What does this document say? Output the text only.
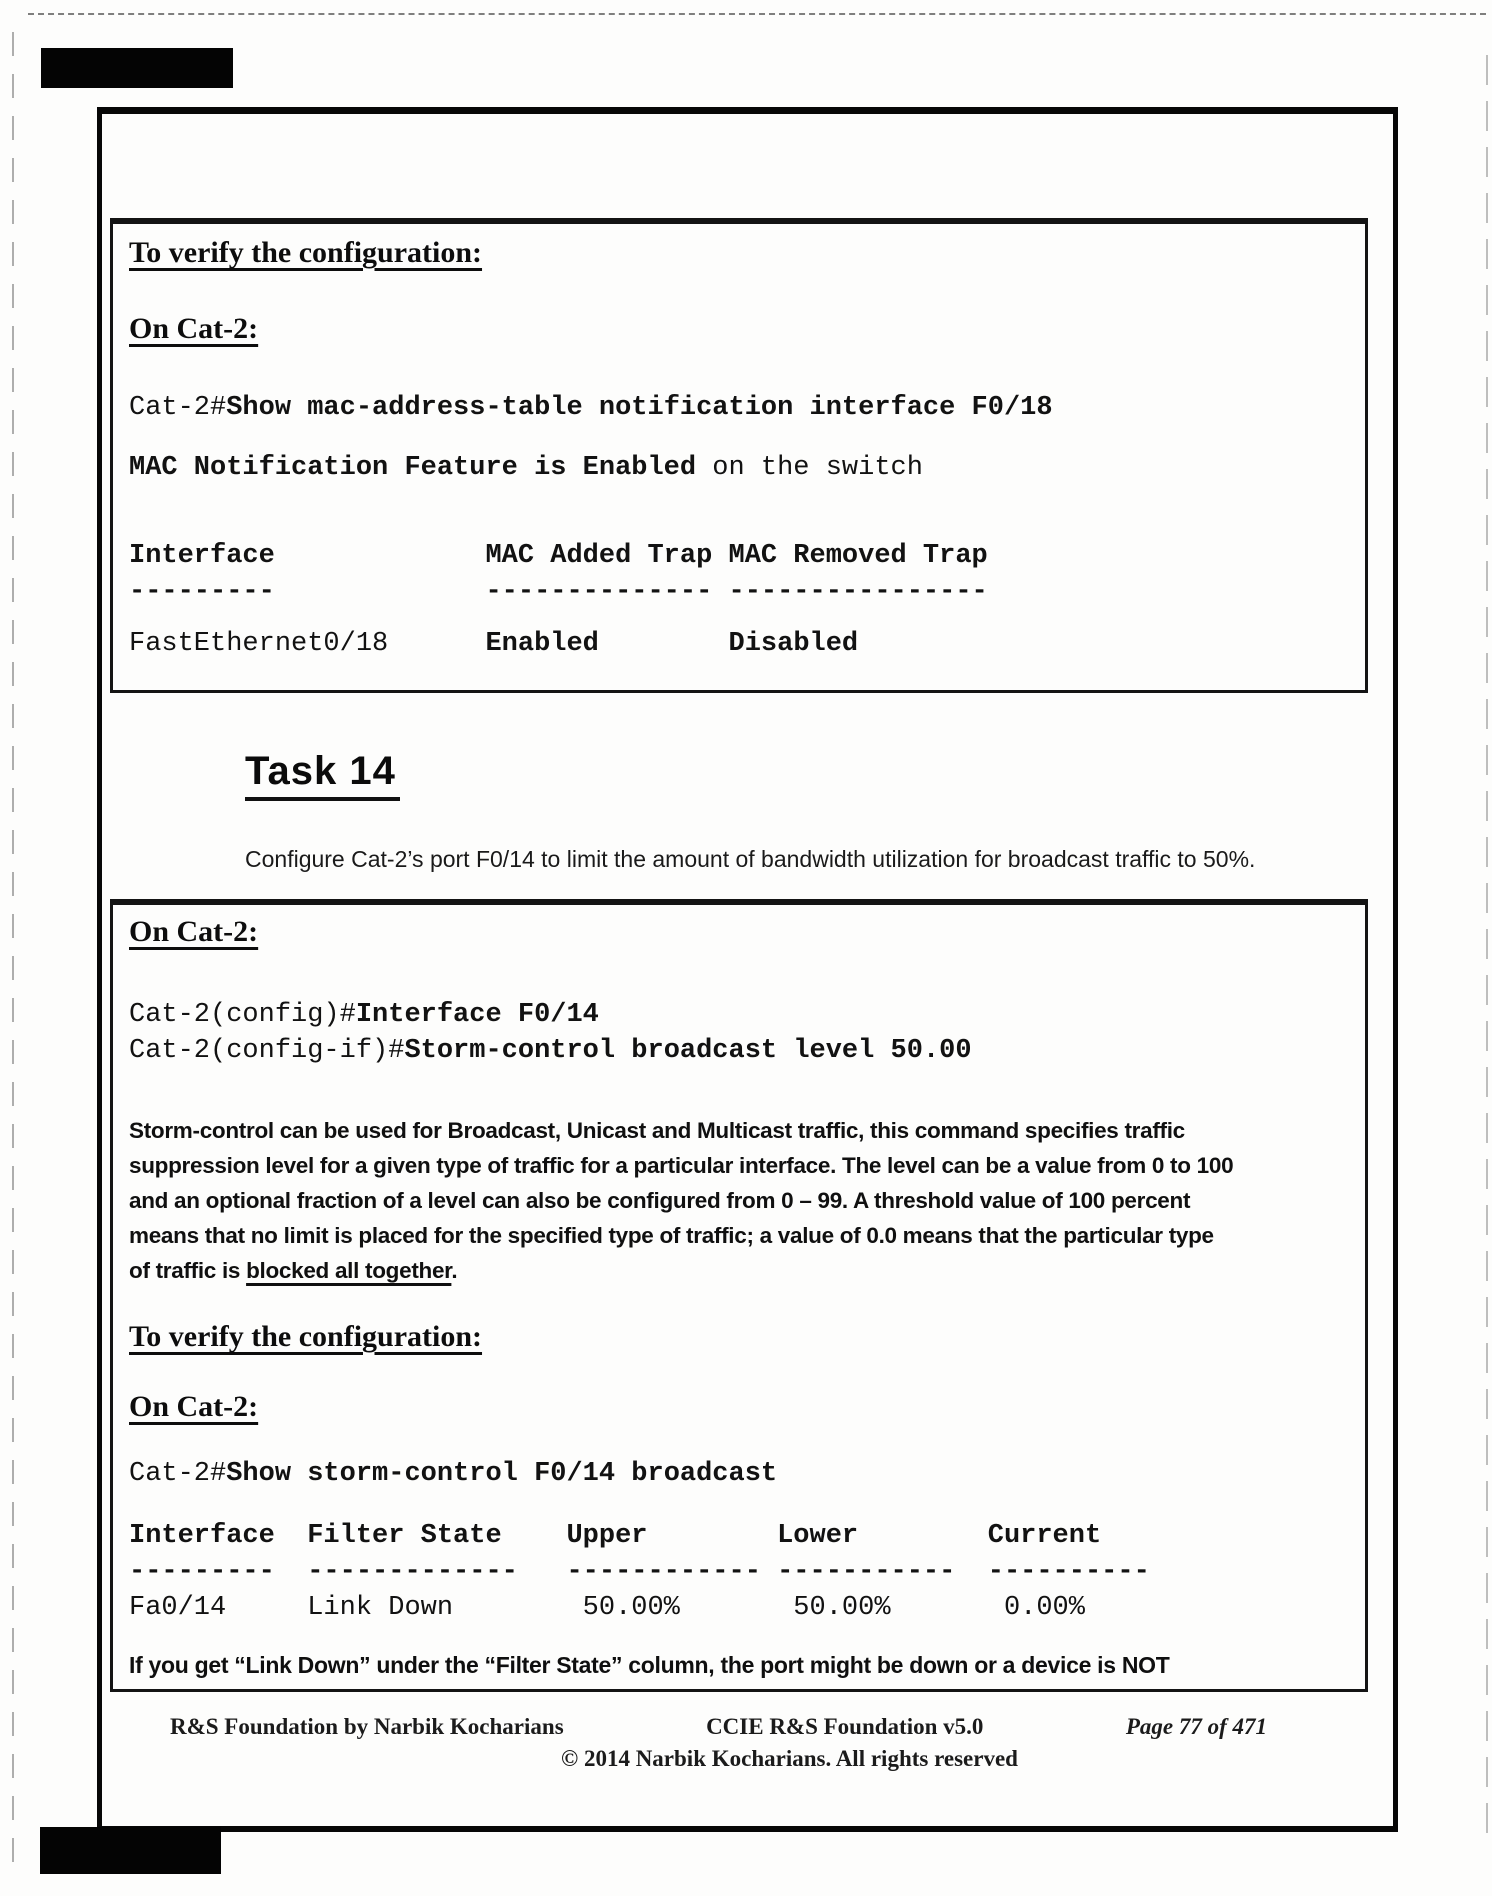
To verify the configuration:
On Cat-2:
Cat-2#Show mac-address-table notification interface F0/18
MAC Notification Feature is Enabled on the switch
Interface             MAC Added Trap MAC Removed Trap
---------             -------------- ----------------
FastEthernet0/18      Enabled	Disabled
Task 14
Configure Cat-2’s port F0/14 to limit the amount of bandwidth utilization for broadcast traffic to 50%.
On Cat-2:
Cat-2(config)#Interface F0/14
Cat-2(config-if)#Storm-control broadcast level 50.00
Storm-control can be used for Broadcast, Unicast and Multicast traffic, this command specifies traffic
suppression level for a given type of traffic for a particular interface. The level can be a value from 0 to 100
and an optional fraction of a level can also be configured from 0 – 99. A threshold value of 100 percent
means that no limit is placed for the specified type of traffic; a value of 0.0 means that the particular type
of traffic is blocked all together.
To verify the configuration:
On Cat-2:
Cat-2#Show storm-control F0/14 broadcast
Interface  Filter State    Upper        Lower        Current
---------  -------------   ------------ -----------  ----------
Fa0/14     Link Down        50.00%       50.00%       0.00%
If you get “Link Down” under the “Filter State” column, the port might be down or a device is NOT
R&S Foundation by Narbik Kocharians	CCIE R&S Foundation v5.0	Page 77 of 471
© 2014 Narbik Kocharians. All rights reserved
